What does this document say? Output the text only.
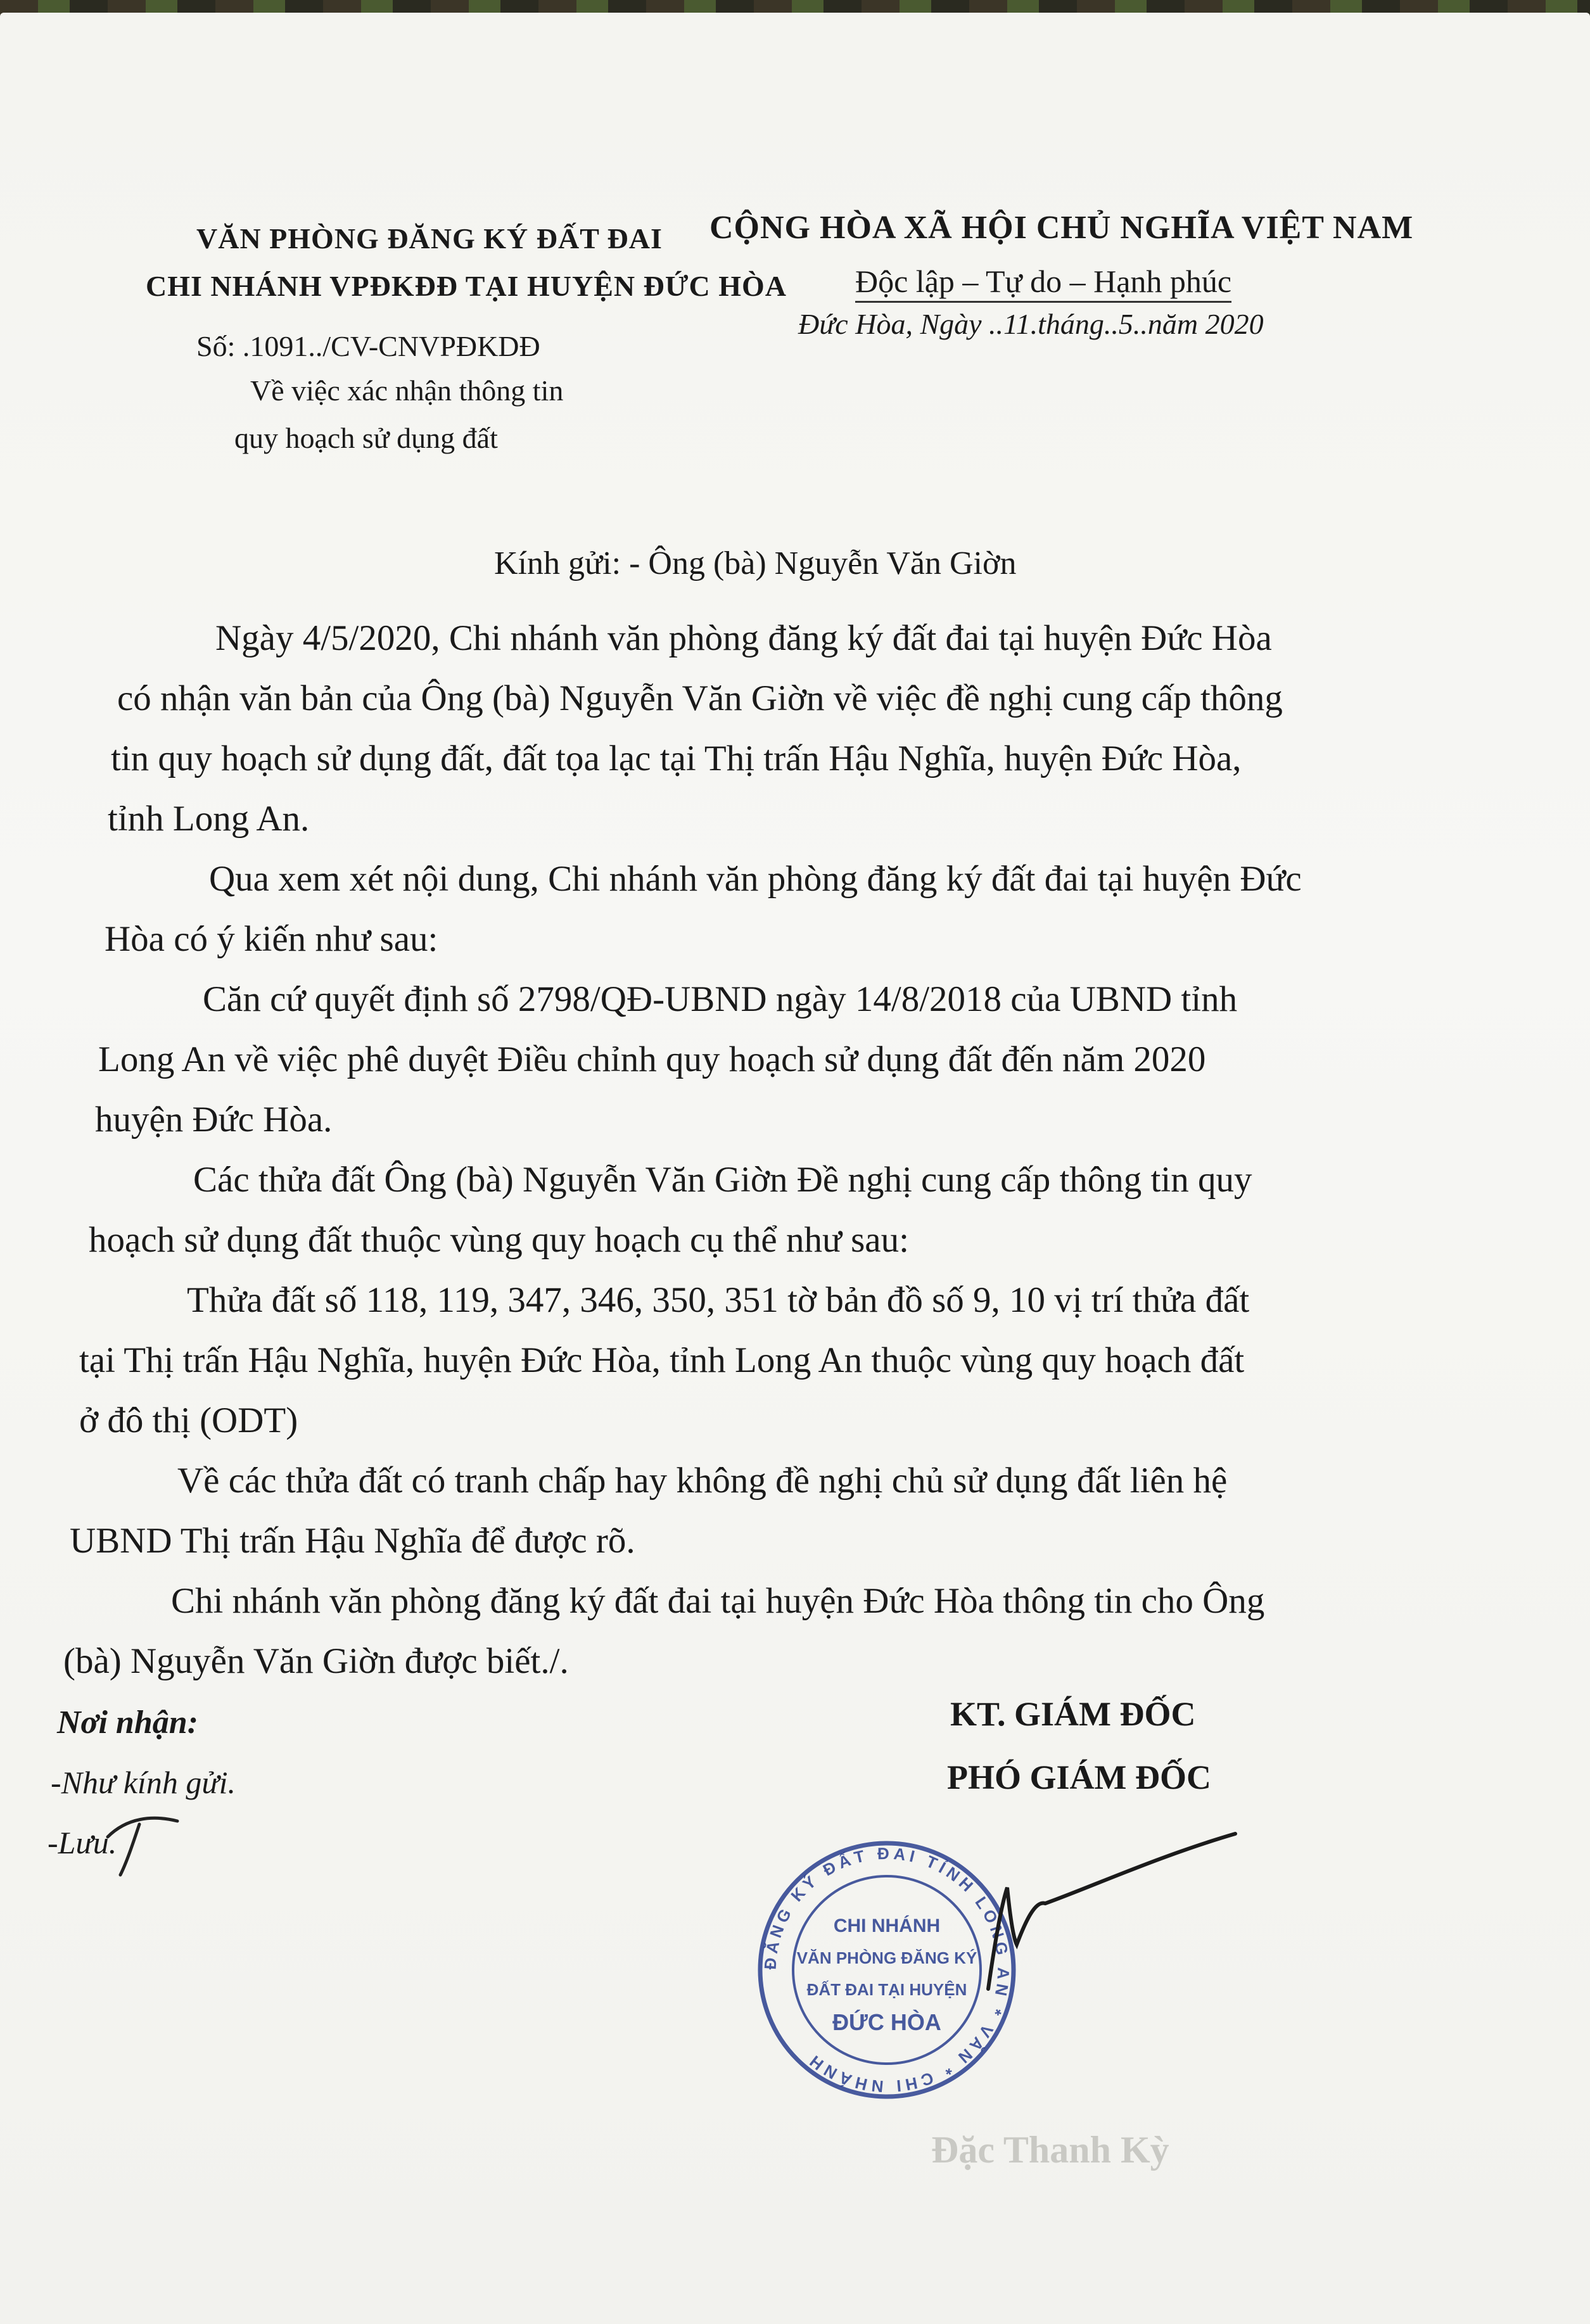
VĂN PHÒNG ĐĂNG KÝ ĐẤT ĐAI
CHI NHÁNH VPĐKĐĐ TẠI HUYỆN ĐỨC HÒA
Số: .1091../CV-CNVPĐKDĐ
Về việc xác nhận thông tin
quy hoạch sử dụng đất
CỘNG HÒA XÃ HỘI CHỦ NGHĨA VIỆT NAM
Độc lập – Tự do – Hạnh phúc
Đức Hòa, Ngày ..11.tháng..5..năm 2020
Kính gửi: - Ông (bà) Nguyễn Văn Giờn
Ngày 4/5/2020, Chi nhánh văn phòng đăng ký đất đai tại huyện Đức Hòa
có nhận văn bản của Ông (bà) Nguyễn Văn Giờn về việc đề nghị cung cấp thông
tin quy hoạch sử dụng đất, đất tọa lạc tại Thị trấn Hậu Nghĩa, huyện Đức Hòa,
tỉnh Long An.
Qua xem xét nội dung, Chi nhánh văn phòng đăng ký đất đai tại huyện Đức
Hòa có ý kiến như sau:
Căn cứ quyết định số 2798/QĐ-UBND ngày 14/8/2018 của UBND tỉnh
Long An về việc phê duyệt Điều chỉnh quy hoạch sử dụng đất đến năm 2020
huyện Đức Hòa.
Các thửa đất Ông (bà) Nguyễn Văn Giờn Đề nghị cung cấp thông tin quy
hoạch sử dụng đất thuộc vùng quy hoạch cụ thể như sau:
Thửa đất số 118, 119, 347, 346, 350, 351 tờ bản đồ số 9, 10 vị trí thửa đất
tại Thị trấn Hậu Nghĩa, huyện Đức Hòa, tỉnh Long An thuộc vùng quy hoạch đất
ở đô thị (ODT)
Về các thửa đất có tranh chấp hay không đề nghị chủ sử dụng đất liên hệ
UBND Thị trấn Hậu Nghĩa để được rõ.
Chi nhánh văn phòng đăng ký đất đai tại huyện Đức Hòa thông tin cho Ông
(bà) Nguyễn Văn Giờn được biết./.
Nơi nhận:
-Như kính gửi.
-Lưu.
KT. GIÁM ĐỐC
PHÓ GIÁM ĐỐC
ĐĂNG KÝ ĐẤT ĐAI TỈNH LONG AN * VĂN * CHI NHÁNH
CHI NHÁNH
VĂN PHÒNG ĐĂNG KÝ
ĐẤT ĐAI TẠI HUYỆN
ĐỨC HÒA
Đặc Thanh Kỳ
